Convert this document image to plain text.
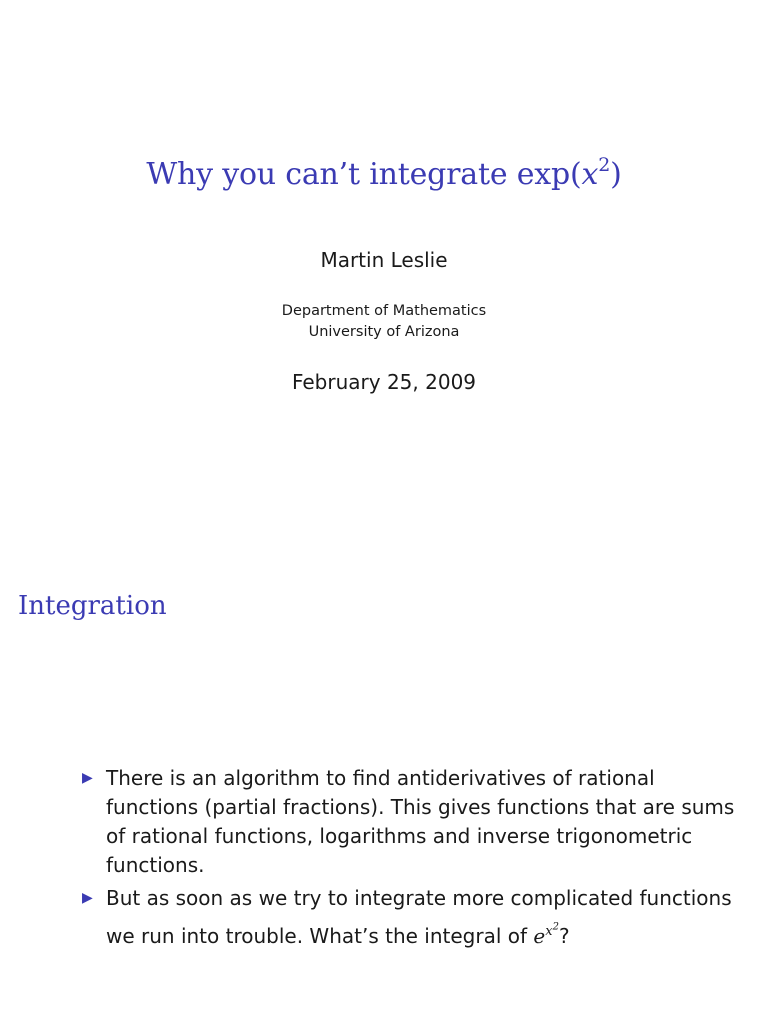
Why you can’t integrate $\exp(x^2)$
Martin Leslie
Department of Mathematics
University of Arizona
February 25, 2009
Integration
▶ There is an algorithm to find antiderivatives of rational functions (partial fractions). This gives functions that are sums of rational functions, logarithms and inverse trigonometric functions.
▶ But as soon as we try to integrate more complicated functions we run into trouble. What’s the integral of $e^{x^2}$?
